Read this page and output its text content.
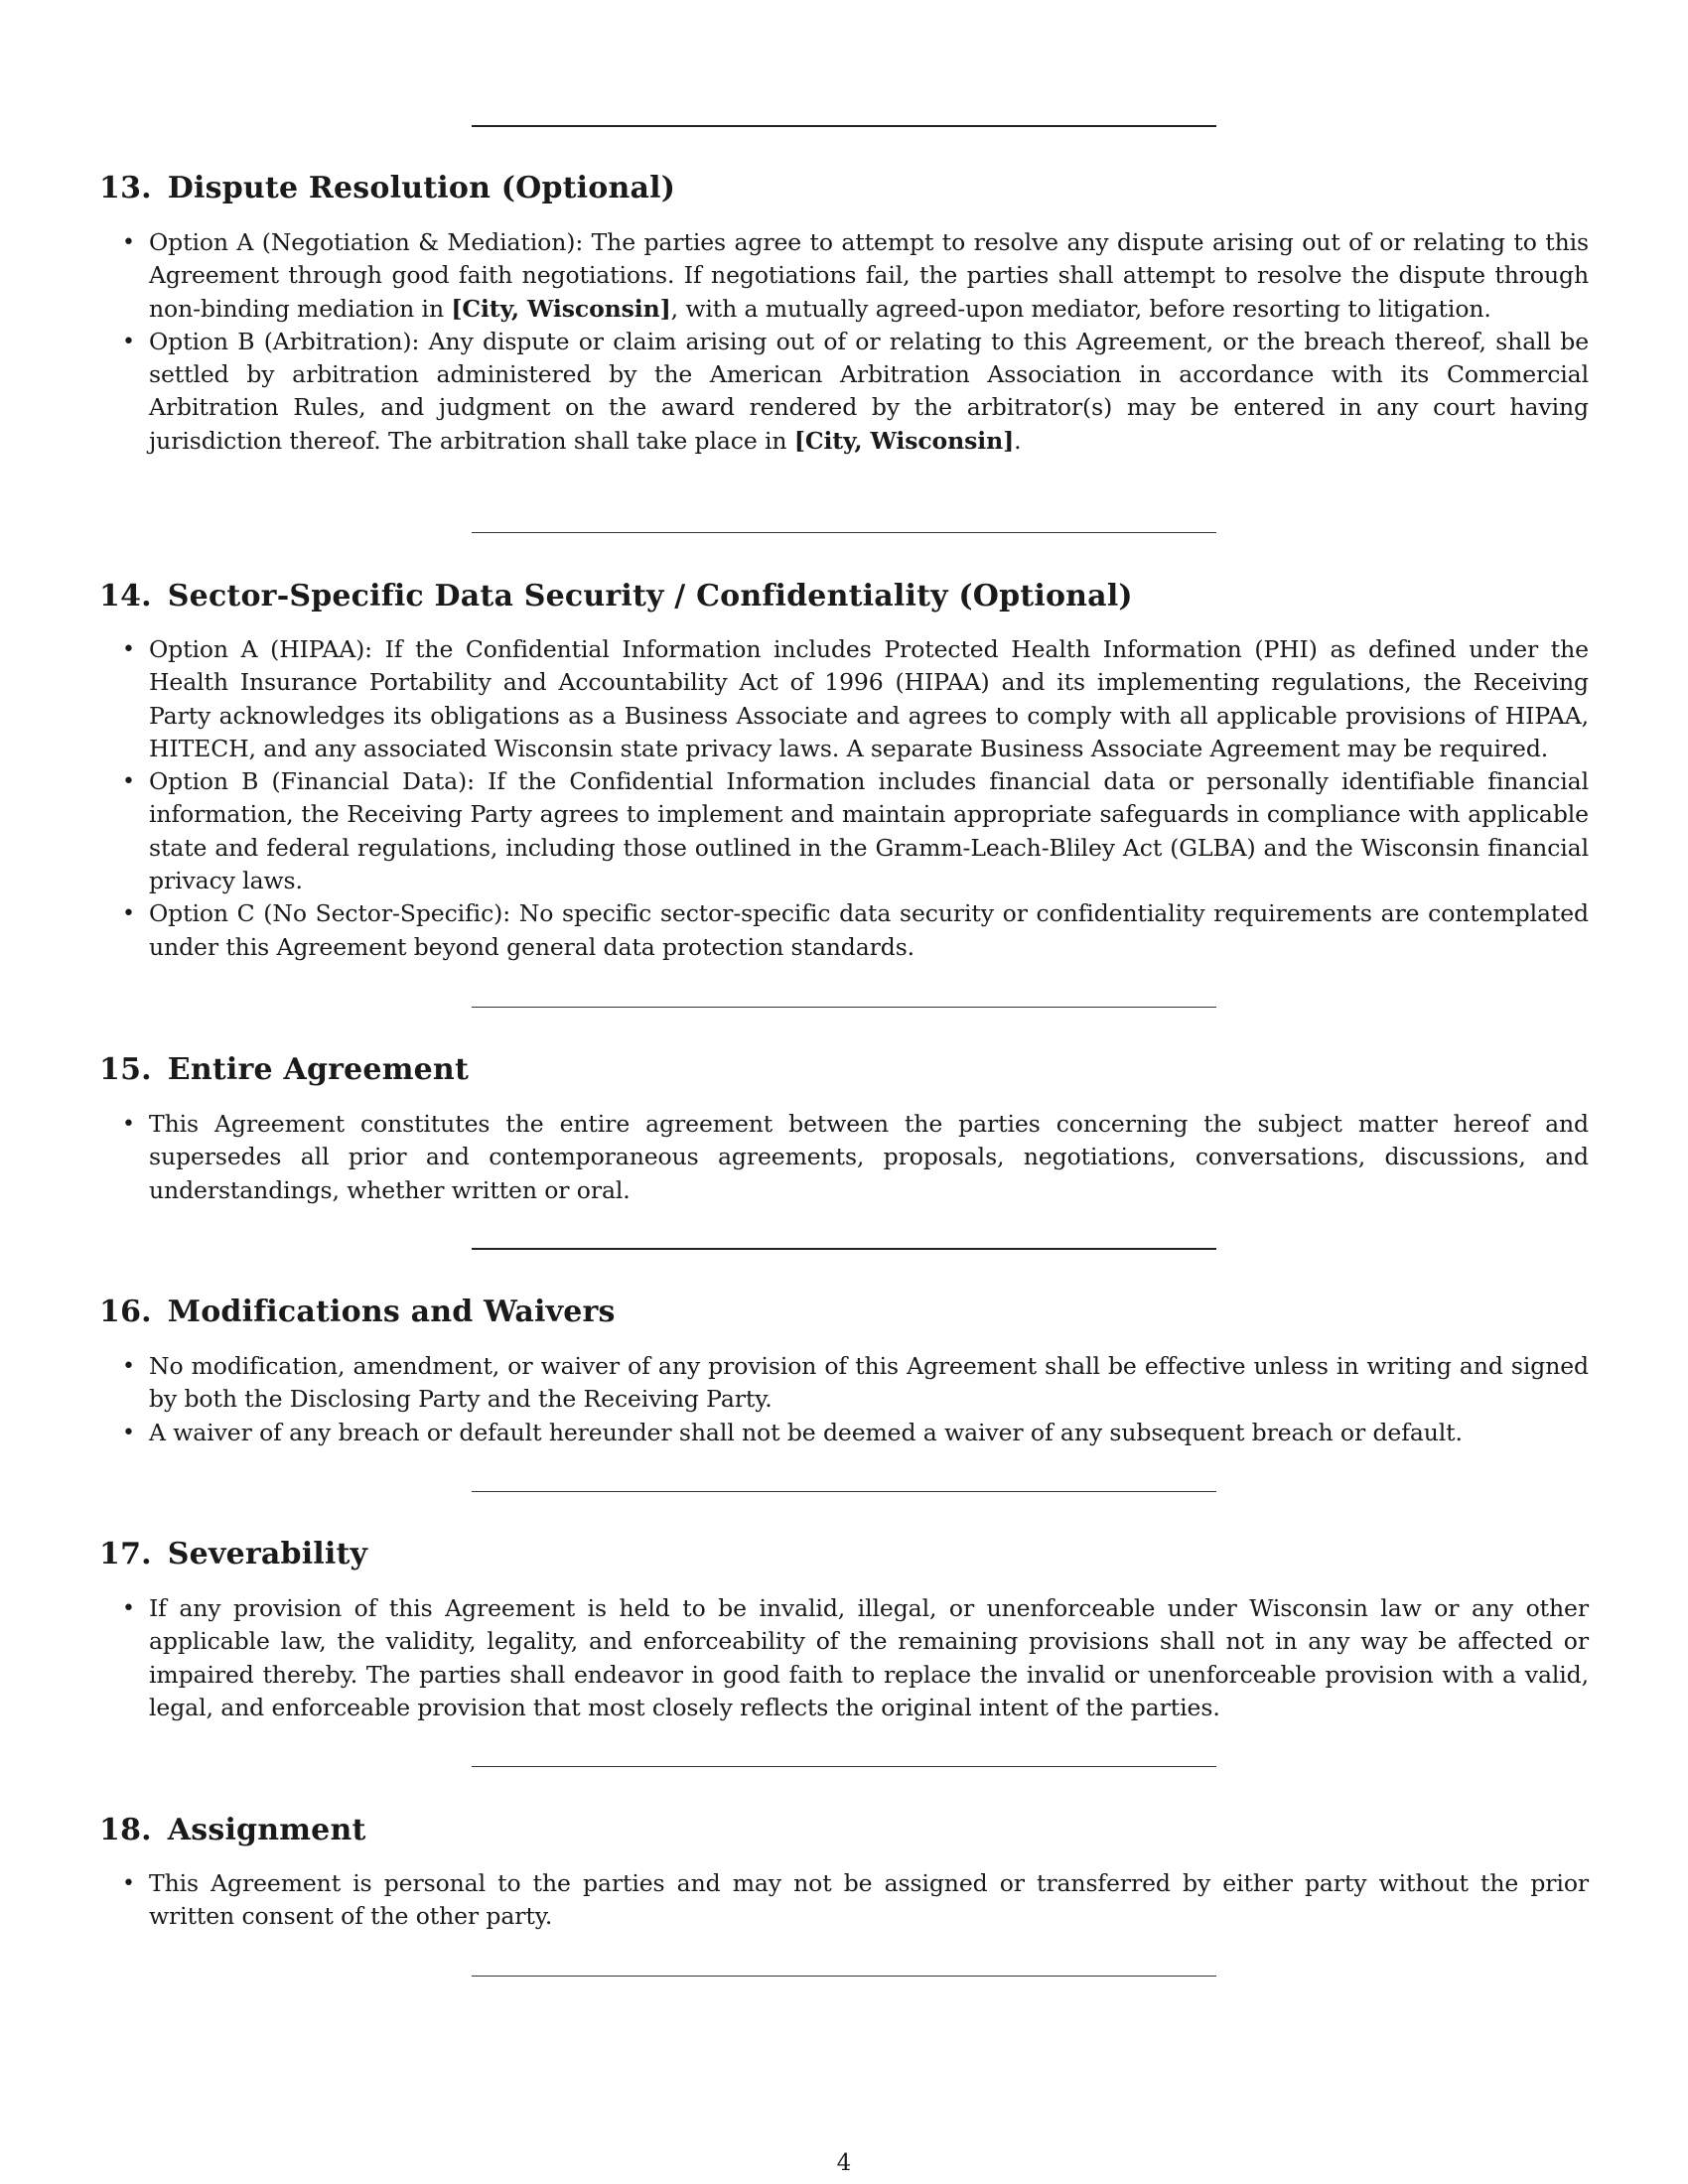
13. Dispute Resolution (Optional)
• Option A (Negotiation & Mediation): The parties agree to attempt to resolve any dispute arising out of or relating to this Agreement through good faith negotiations. If negotiations fail, the parties shall attempt to resolve the dispute through non-binding mediation in [City, Wisconsin], with a mutually agreed-upon mediator, before resorting to litigation.
• Option B (Arbitration): Any dispute or claim arising out of or relating to this Agreement, or the breach thereof, shall be settled by arbitration administered by the American Arbitration Association in accordance with its Commercial Arbitration Rules, and judgment on the award rendered by the arbitrator(s) may be entered in any court having jurisdiction thereof. The arbitration shall take place in [City, Wisconsin].
14. Sector-Specific Data Security / Confidentiality (Optional)
• Option A (HIPAA): If the Confidential Information includes Protected Health Information (PHI) as defined under the Health Insurance Portability and Accountability Act of 1996 (HIPAA) and its implementing regulations, the Receiving Party acknowledges its obligations as a Business Associate and agrees to comply with all applicable provisions of HIPAA, HITECH, and any associated Wisconsin state privacy laws. A separate Business Associate Agreement may be required.
• Option B (Financial Data): If the Confidential Information includes financial data or personally identifiable financial information, the Receiving Party agrees to implement and maintain appropriate safeguards in compliance with applicable state and federal regulations, including those outlined in the Gramm-Leach-Bliley Act (GLBA) and the Wisconsin financial privacy laws.
• Option C (No Sector-Specific): No specific sector-specific data security or confidentiality requirements are contemplated under this Agreement beyond general data protection standards.
15. Entire Agreement
• This Agreement constitutes the entire agreement between the parties concerning the subject matter hereof and supersedes all prior and contemporaneous agreements, proposals, negotiations, conversations, discussions, and understandings, whether written or oral.
16. Modifications and Waivers
• No modification, amendment, or waiver of any provision of this Agreement shall be effective unless in writing and signed by both the Disclosing Party and the Receiving Party.
• A waiver of any breach or default hereunder shall not be deemed a waiver of any subsequent breach or default.
17. Severability
• If any provision of this Agreement is held to be invalid, illegal, or unenforceable under Wisconsin law or any other applicable law, the validity, legality, and enforceability of the remaining provisions shall not in any way be affected or impaired thereby. The parties shall endeavor in good faith to replace the invalid or unenforceable provision with a valid, legal, and enforceable provision that most closely reflects the original intent of the parties.
18. Assignment
• This Agreement is personal to the parties and may not be assigned or transferred by either party without the prior written consent of the other party.
4
